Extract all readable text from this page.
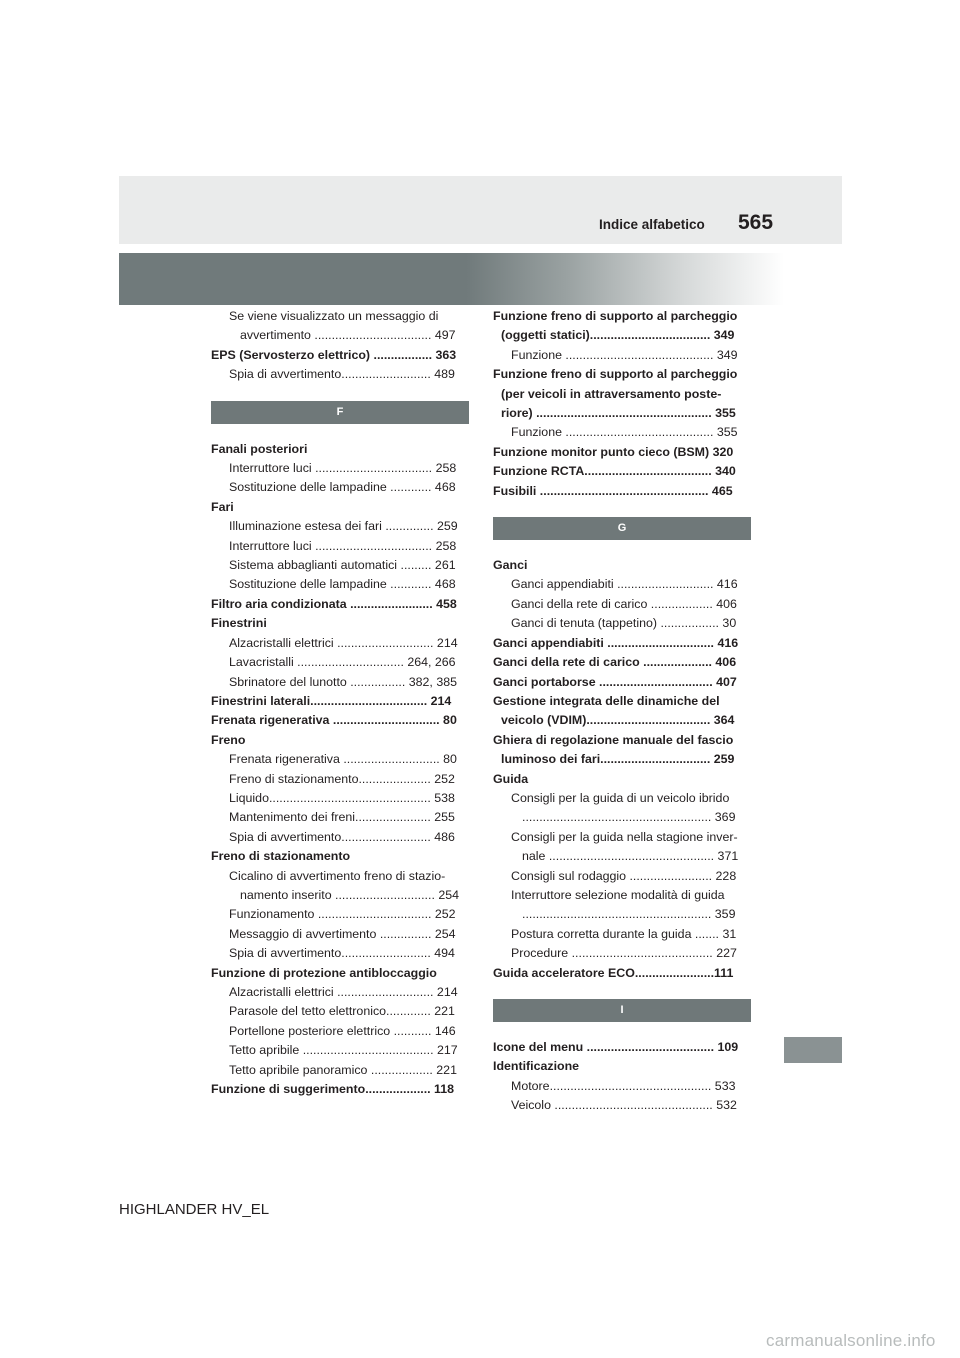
Indice alfabetico 565
Se viene visualizzato un messaggio di
avvertimento .................................. 497
EPS (Servosterzo elettrico) ................. 363
Spia di avvertimento.......................... 489
F
Fanali posteriori
Interruttore luci .................................. 258
Sostituzione delle lampadine ............ 468
Fari
Illuminazione estesa dei fari .............. 259
Interruttore luci .................................. 258
Sistema abbaglianti automatici ......... 261
Sostituzione delle lampadine ............ 468
Filtro aria condizionata ........................ 458
Finestrini
Alzacristalli elettrici ............................ 214
Lavacristalli ............................... 264, 266
Sbrinatore del lunotto ................ 382, 385
Finestrini laterali.................................. 214
Frenata rigenerativa ............................... 80
Freno
Frenata rigenerativa ............................ 80
Freno di stazionamento..................... 252
Liquido............................................... 538
Mantenimento dei freni...................... 255
Spia di avvertimento.......................... 486
Freno di stazionamento
Cicalino di avvertimento freno di stazio-
namento inserito ............................. 254
Funzionamento ................................. 252
Messaggio di avvertimento ............... 254
Spia di avvertimento.......................... 494
Funzione di protezione antibloccaggio
Alzacristalli elettrici ............................ 214
Parasole del tetto elettronico............. 221
Portellone posteriore elettrico ........... 146
Tetto apribile ...................................... 217
Tetto apribile panoramico .................. 221
Funzione di suggerimento................... 118
Funzione freno di supporto al parcheggio
(oggetti statici)................................... 349
Funzione ........................................... 349
Funzione freno di supporto al parcheggio
(per veicoli in attraversamento poste-
riore) ................................................... 355
Funzione ........................................... 355
Funzione monitor punto cieco (BSM) 320
Funzione RCTA..................................... 340
Fusibili ................................................. 465
G
Ganci
Ganci appendiabiti ............................ 416
Ganci della rete di carico .................. 406
Ganci di tenuta (tappetino) ................. 30
Ganci appendiabiti ............................... 416
Ganci della rete di carico .................... 406
Ganci portaborse ................................. 407
Gestione integrata delle dinamiche del
veicolo (VDIM).................................... 364
Ghiera di regolazione manuale del fascio
luminoso dei fari................................ 259
Guida
Consigli per la guida di un veicolo ibrido
....................................................... 369
Consigli per la guida nella stagione inver-
nale ................................................ 371
Consigli sul rodaggio ........................ 228
Interruttore selezione modalità di guida
....................................................... 359
Postura corretta durante la guida ....... 31
Procedure ......................................... 227
Guida acceleratore ECO.......................111
I
Icone del menu ..................................... 109
Identificazione
Motore............................................... 533
Veicolo .............................................. 532
HIGHLANDER HV_EL
carmanualsonline.info
